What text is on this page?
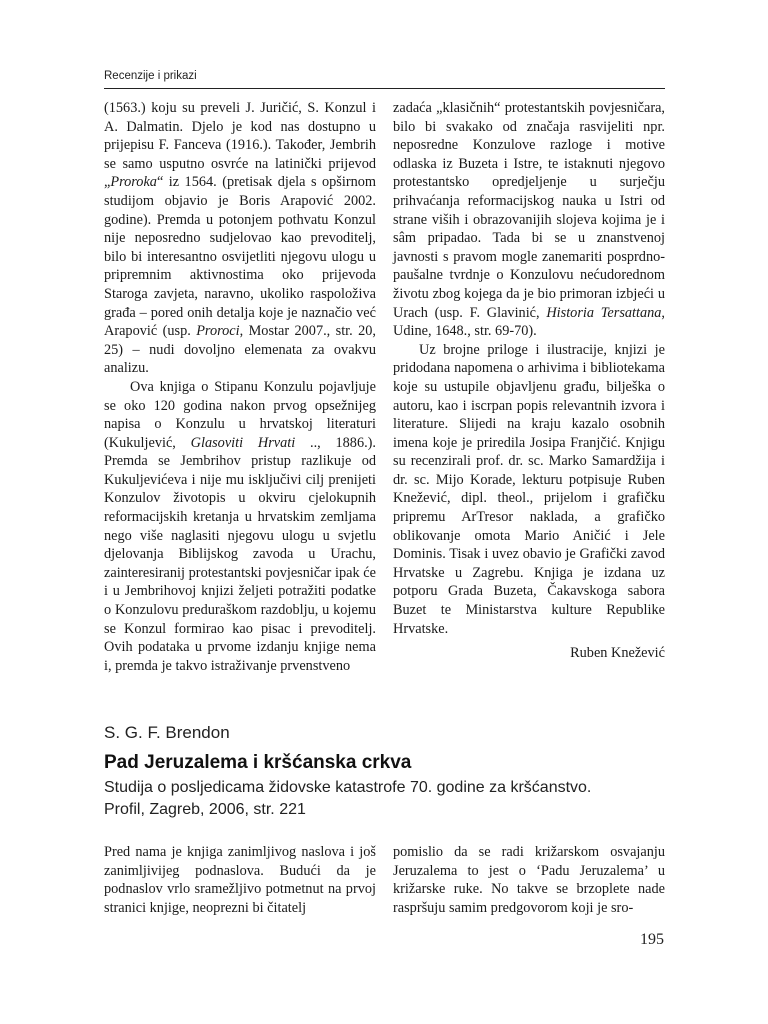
Recenzije i prikazi

(1563.) koju su preveli J. Juričić, S. Konzul i A. Dalmatin. Djelo je kod nas dostupno u prijepisu F. Fanceva (1916.). Također, Jembrih se samo usputno osvrće na latinički prijevod „Proroka“ iz 1564. (pretisak djela s opširnom studijom objavio je Boris Arapović 2002. godine). Premda u potonjem pothvatu Konzul nije neposredno sudjelovao kao prevoditelj, bilo bi interesantno osvijetliti njegovu ulogu u pripremnim aktivnostima oko prijevoda Staroga zavjeta, naravno, ukoliko raspoloživa građa – pored onih detalja koje je naznačio već Arapović (usp. Proroci, Mostar 2007., str. 20, 25) – nudi dovoljno elemenata za ovakvu analizu.

Ova knjiga o Stipanu Konzulu pojavljuje se oko 120 godina nakon prvog opsežnijeg napisa o Konzulu u hrvatskoj literaturi (Kukuljević, Glasoviti Hrvati .., 1886.). Premda se Jembrihov pristup razlikuje od Kukuljevićeva i nije mu isključivi cilj prenijeti Konzulov životopis u okviru cjelokupnih reformacijskih kretanja u hrvatskim zemljama nego više naglasiti njegovu ulogu u svjetlu djelovanja Biblijskog zavoda u Urachu, zainteresiranij protestantski povjesničar ipak će i u Jembrihovoj knjizi željeti potražiti podatke o Konzulovu preduraškom razdoblju, u kojemu se Konzul formirao kao pisac i prevoditelj. Ovih podataka u prvome izdanju knjige nema i, premda je takvo istraživanje prvenstveno

zadaća „klasičnih“ protestantskih povjesničara, bilo bi svakako od značaja rasvijeliti npr. neposredne Konzulove razloge i motive odlaska iz Buzeta i Istre, te istaknuti njegovo protestantsko opredjeljenje u surječju prihvaćanja reformacijskog nauka u Istri od strane viših i obrazovanijih slojeva kojima je i sâm pripadao. Tada bi se u znanstvenoj javnosti s pravom mogle zanemariti posprdno-paušalne tvrdnje o Konzulovu nećudorednom životu zbog kojega da je bio primoran izbjeći u Urach (usp. F. Glavinić, Historia Tersattana, Udine, 1648., str. 69-70).

Uz brojne priloge i ilustracije, knjizi je pridodana napomena o arhivima i bibliotekama koje su ustupile objavljenu građu, bilješka o autoru, kao i iscrpan popis relevantnih izvora i literature. Slijedi na kraju kazalo osobnih imena koje je priredila Josipa Franjčić. Knjigu su recenzirali prof. dr. sc. Marko Samardžija i dr. sc. Mijo Korade, lekturu potpisuje Ruben Knežević, dipl. theol., prijelom i grafičku pripremu ArTresor naklada, a grafičko oblikovanje omota Mario Aničić i Jele Dominis. Tisak i uvez obavio je Grafički zavod Hrvatske u Zagrebu. Knjiga je izdana uz potporu Grada Buzeta, Čakavskoga sabora Buzet te Ministarstva kulture Republike Hrvatske.

Ruben Knežević

S. G. F. Brendon
Pad Jeruzalema i kršćanska crkva
Studija o posljedicama židovske katastrofe 70. godine za kršćanstvo.
Profil, Zagreb, 2006, str. 221

Pred nama je knjiga zanimljivog naslova i još zanimljivijeg podnaslova. Budući da je podnaslov vrlo sramežljivo potmetnut na prvoj stranici knjige, neoprezni bi čitatelj

pomislio da se radi križarskom osvajanju Jeruzalema to jest o ‘Padu Jeruzalema’ u križarske ruke. No takve se brzoplete nade raspršuju samim predgovorom koji je sro-

195
